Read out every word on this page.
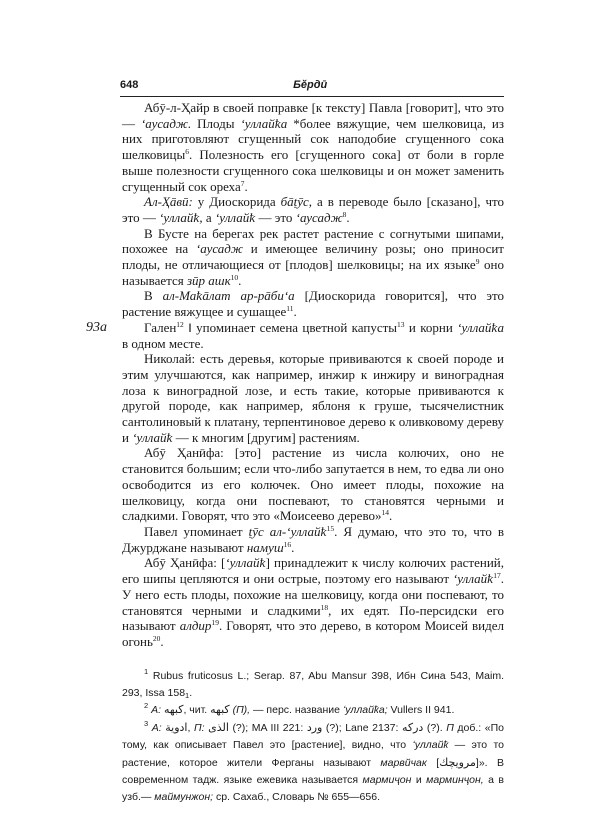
648	Бӗрдӣ

Абӯ-л-Ҳайр в своей поправке [к тексту] Павла [говорит], что это — ʻаусадж. Плоды ʻуллайҟа *более вяжущие, чем шелковица, из них приготовляют сгущенный сок наподобие сгущенного сока шелковицы$^6$. Полезность его [сгущенного сока] от боли в горле выше полезности сгущенного сока шелковицы и он может заменить сгущенный сок ореха$^7$.

Ал-Ҳāвӣ: у Диоскорида бāṭӯс, а в переводе было [сказано], что это — ʻуллайҟ, а ʻуллайҟ — это ʻаусадж$^8$.

В Бусте на берегах рек растет растение с согнутыми шипами, похожее на ʻаусадж и имеющее величину розы; оно приносит плоды, не отличающиеся от [плодов] шелковицы; на их языке$^9$ оно называется зӣр ашк$^{10}$.

В ал-Маҟāлат ар-рāбиʻа [Диоскорида говорится], что это растение вяжущее и сушащее$^{11}$.

93а	Гален$^{12}$ ‖ упоминает семена цветной капусты$^{13}$ и корни ʻуллайҟа в одном месте.

Николай: есть деревья, которые прививаются к своей породе и этим улучшаются, как например, инжир к инжиру и виноградная лоза к виноградной лозе, и есть такие, которые прививаются к другой породе, как например, яблоня к груше, тысячелистник сантолиновый к платану, терпентиновое дерево к оливковому дереву и ʻуллайҟ — к многим [другим] растениям.

Абӯ Ҳанӣфа: [это] растение из числа колючих, оно не становится большим; если что-либо запутается в нем, то едва ли оно освободится из его колючек. Оно имеет плоды, похожие на шелковицу, когда они поспевают, то становятся черными и сладкими. Говорят, что это «Моисеево дерево»$^{14}$.

Павел упоминает ṭӯс ал-ʻуллайҟ$^{15}$. Я думаю, что это то, что в Джурджане называют намуш$^{16}$.

Абӯ Ҳанӣфа: [ʻуллайҟ] принадлежит к числу колючих растений, его шипы цепляются и они острые, поэтому его называют ʻуллайҟ$^{17}$. У него есть плоды, похожие на шелковицу, когда они поспевают, то становятся черными и сладкими$^{18}$, их едят. По-персидски его называют алдир$^{19}$. Говорят, что это дерево, в котором Моисей видел огонь$^{20}$.

$^1$ Rubus fruticosus L.; Serap. 87, Abu Mansur 398, Ибн Сина 543, Maim. 293, Issa $158_1$.

$^2$ А: كبهه, чит. كبهه (П), — перс. название ʻуллайҟа; Vullers II 941.

$^3$ А: ادوية, П: الذى (?); MA III 221: ورد (?); Lane 2137: دركه (?). П доб.: «По тому, как описывает Павел это [растение], видно, что ʻуллайҟ — это то растение, которое жители Ферганы называют марвйчак [مرويچك]». В современном тадж. языке ежевика называется мармиҷон и марминҷон, а в узб.— маймунжон; ср. Сахаб., Словарь № 655—656.
